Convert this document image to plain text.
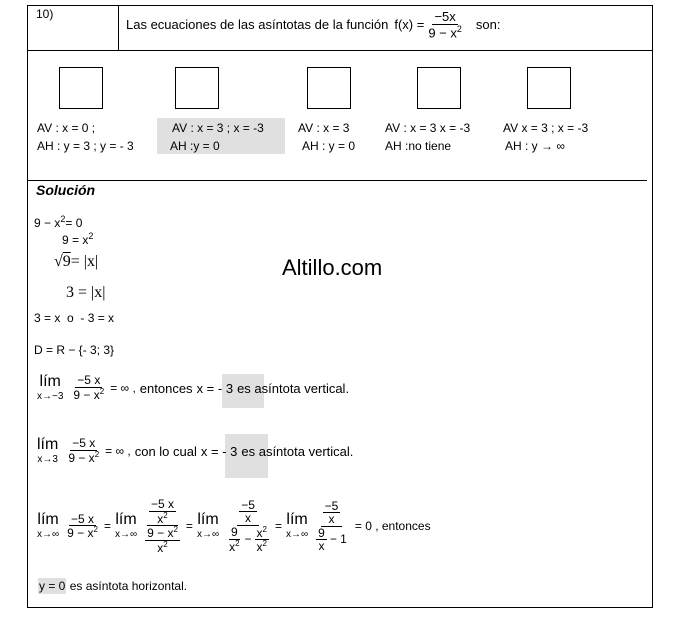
10)
Las ecuaciones de las asíntotas de la función $f(x) = \frac{-5x}{9 - x^2}$ son:
AV : x = 0 ;
AH : y = 3 ; y = - 3
AV : x = 3 ; x = -3
AH :y = 0
AV : x = 3
AH : y = 0
AV : x = 3 x = -3
AH :no tiene
AV x = 3 ; x = -3
AH : y → ∞
Solución
Altillo.com
$9 - x^2= 0$
$9 = x^2$
√9= |x|
3 = |x|
3 = x  o  - 3 = x
D = R − {- 3; 3}
lím
$x\to-3 \frac{-5 x}{9 - x^2}$ = ∞ , entonces x = - 3 es asíntota vertical.
lím
$x\to 3 \frac{-5 x}{9 - x^2}$ = ∞ , con lo cual x = - 3 es asíntota vertical.
lím
$x\to\infty \frac{-5 x}{9 - x^2}$ = lím
$x\to\infty \frac{\frac{-5 x}{x^2}}{\frac{9 - x^2}{x^2}}$ = lím
$x\to\infty \frac{\frac{-5}{x}}{\frac{9}{x^2} - \frac{x^2}{x^2}}$ = lím
$x\to\infty \frac{\frac{-5}{x}}{\frac{9}{x} - 1} = 0$ , entonces
y = 0 es asíntota horizontal.
